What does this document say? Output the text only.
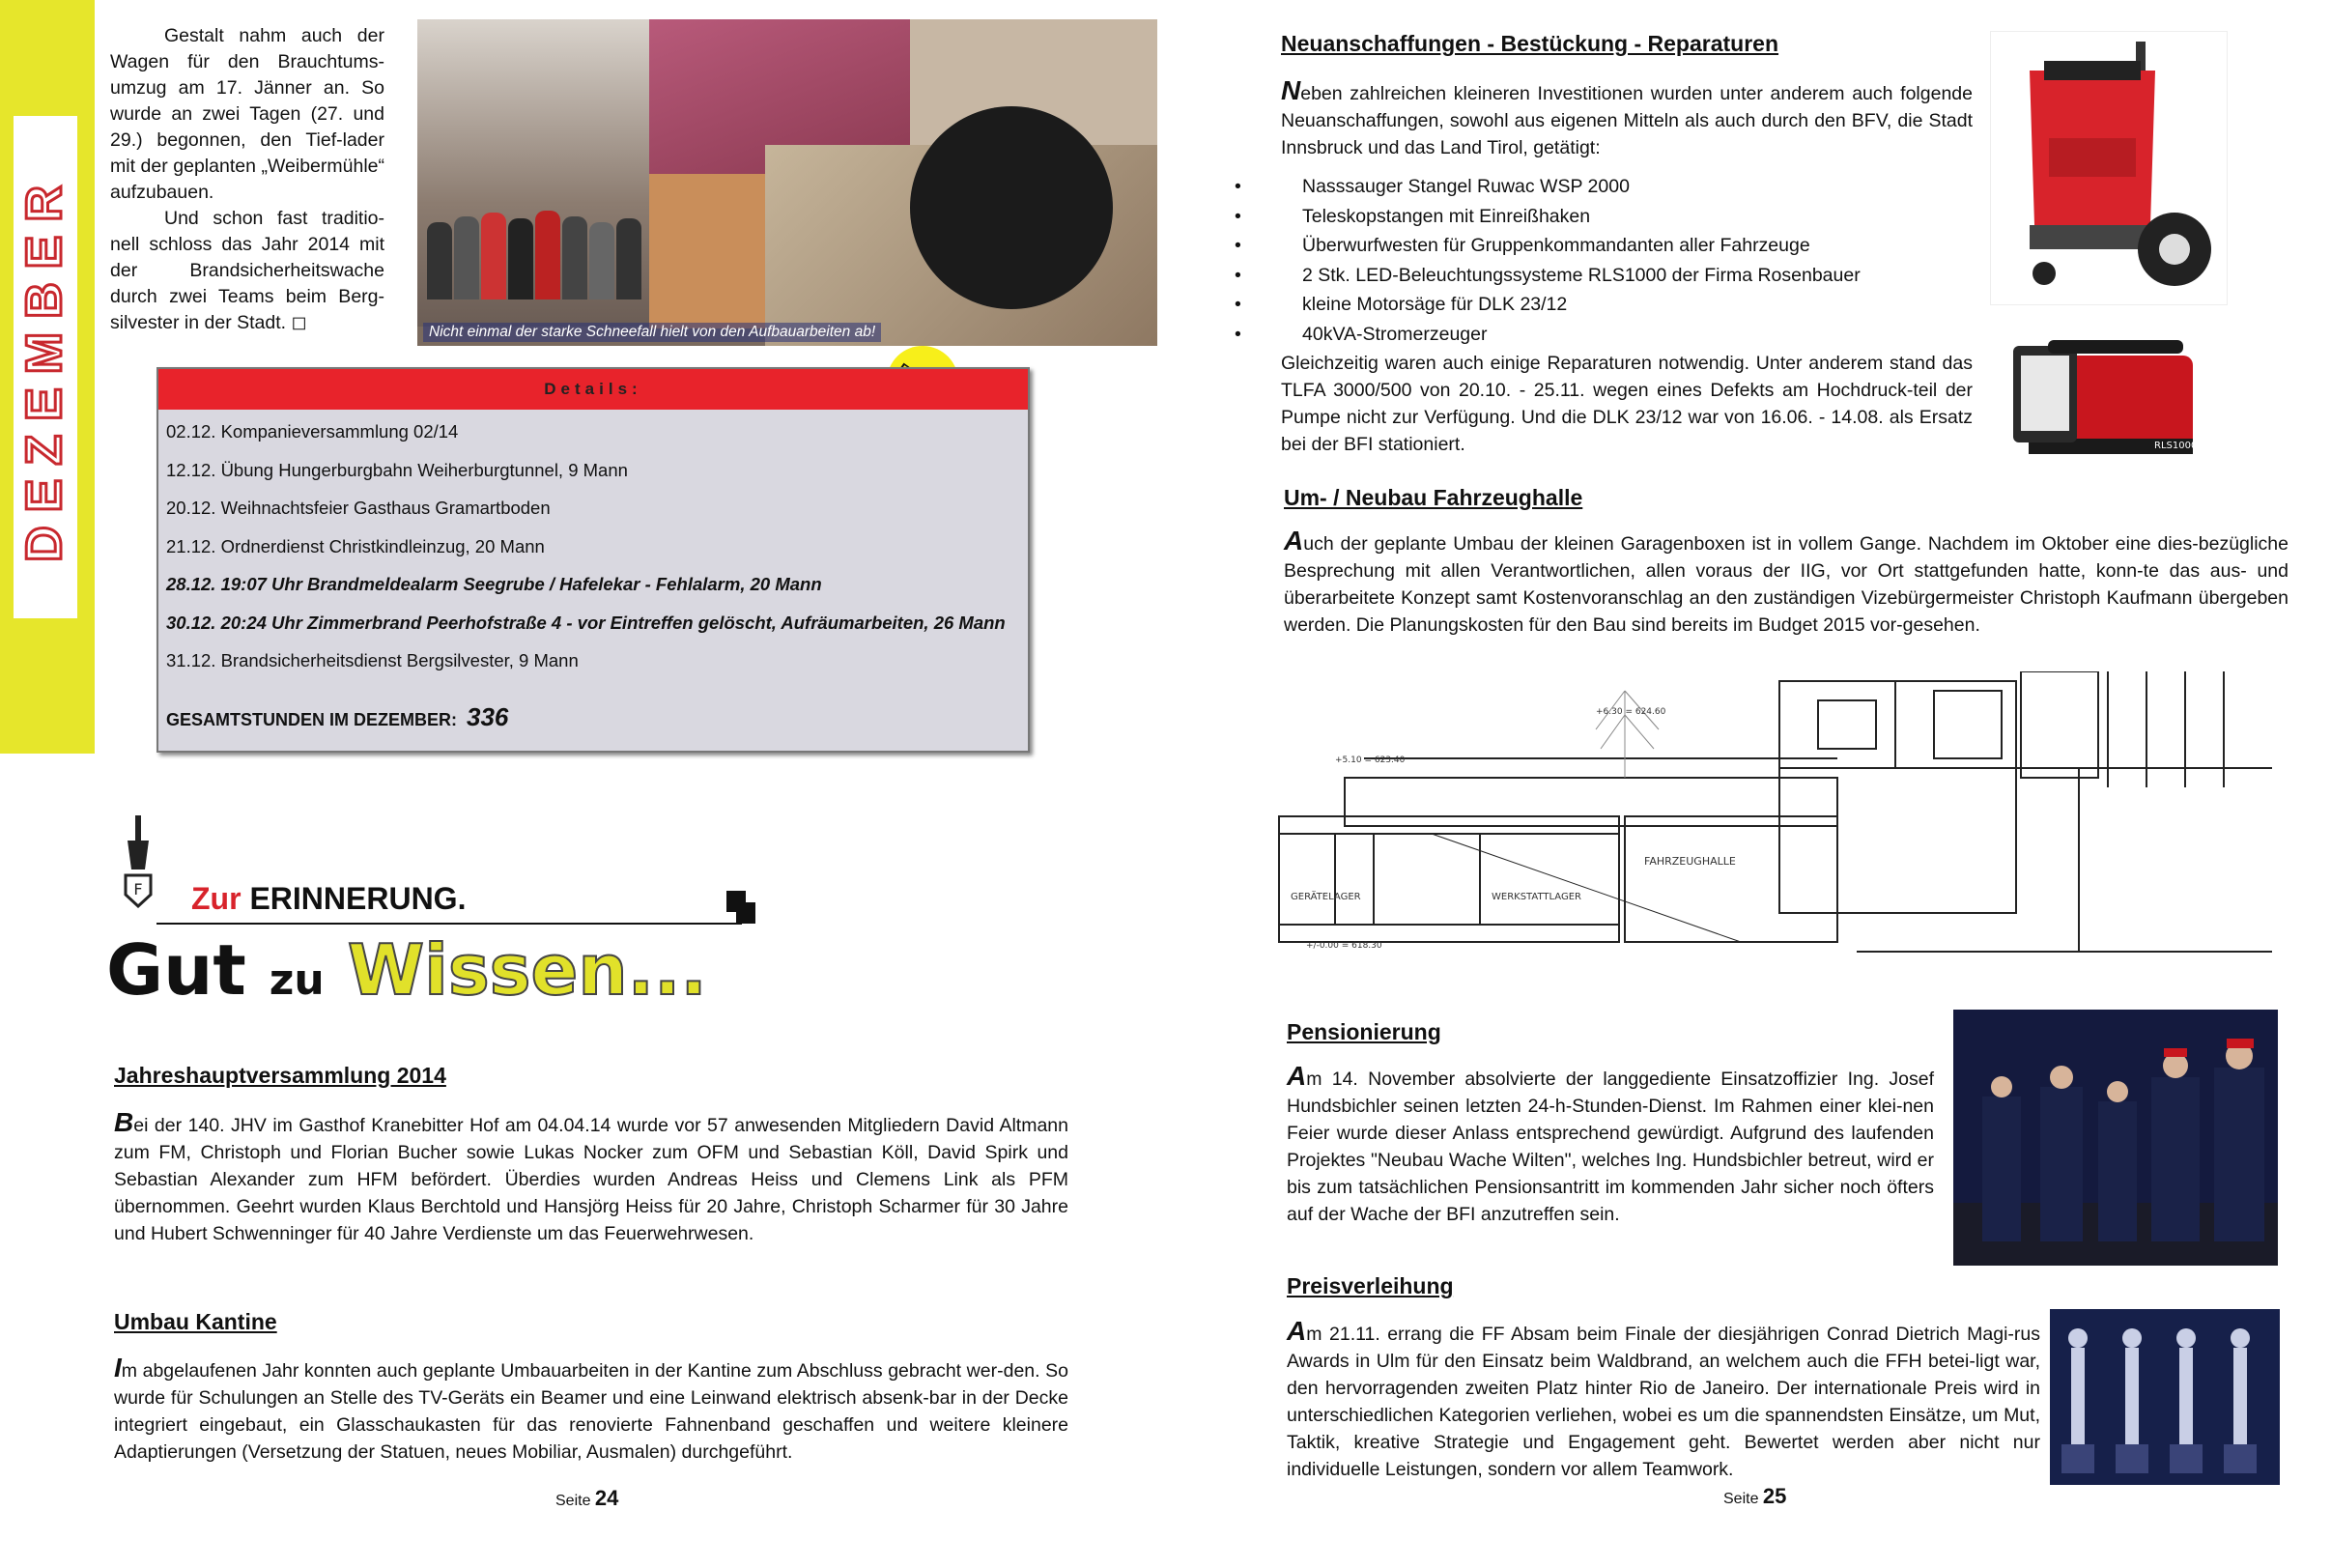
DEZEMBER

Gestalt nahm auch der Wagen für den Brauchtums-umzug am 17. Jänner an. So wurde an zwei Tagen (27. und 29.) begonnen, den Tief-lader mit der geplanten „Weibermühle“ aufzubauen.

Und schon fast traditio-nell schloss das Jahr 2014 mit der Brandsicherheitswache durch zwei Teams beim Berg-silvester in der Stadt. ◻	Nicht einmal der starke Schneefall hielt von den Aufbauarbeiten ab!
Details:
02.12. Kompanieversammlung 02/14
12.12. Übung Hungerburgbahn Weiherburgtunnel, 9 Mann
20.12. Weihnachtsfeier Gasthaus Gramartboden
21.12. Ordnerdienst Christkindleinzug, 20 Mann
28.12. 19:07 Uhr Brandmeldealarm Seegrube / Hafelekar - Fehlalarm, 20 Mann
30.12. 20:24 Uhr Zimmerbrand Peerhofstraße 4 - vor Eintreffen gelöscht, Aufräumarbeiten, 26 Mann
31.12. Brandsicherheitsdienst Bergsilvester, 9 Mann
GESAMTSTUNDEN IM DEZEMBER: 336
F Zur ERINNERUNG.
Gut zu Wissen...
Jahreshauptversammlung 2014
Bei der 140. JHV im Gasthof Kranebitter Hof am 04.04.14 wurde vor 57 anwesenden Mitgliedern David Altmann zum FM, Christoph und Florian Bucher sowie Lukas Nocker zum OFM und Sebastian Köll, David Spirk und Sebastian Alexander zum HFM befördert. Überdies wurden Andreas Heiss und Clemens Link als PFM übernommen. Geehrt wurden Klaus Berchtold und Hansjörg Heiss für 20 Jahre, Christoph Scharmer für 30 Jahre und Hubert Schwenninger für 40 Jahre Verdienste um das Feuerwehrwesen.
Umbau Kantine
Im abgelaufenen Jahr konnten auch geplante Umbauarbeiten in der Kantine zum Abschluss gebracht wer-den. So wurde für Schulungen an Stelle des TV-Geräts ein Beamer und eine Leinwand elektrisch absenk-bar in der Decke integriert eingebaut, ein Glasschaukasten für das renovierte Fahnenband geschaffen und weitere kleinere Adaptierungen (Versetzung der Statuen, neues Mobiliar, Ausmalen) durchgeführt.
Seite 24
Neuanschaffungen - Bestückung - Reparaturen
Neben zahlreichen kleineren Investitionen wurden unter anderem auch folgende Neuanschaffungen, sowohl aus eigenen Mitteln als auch durch den BFV, die Stadt Innsbruck und das Land Tirol, getätigt:
• Nasssauger Stangel Ruwac WSP 2000
• Teleskopstangen mit Einreißhaken
• Überwurfwesten für Gruppenkommandanten aller Fahrzeuge
• 2 Stk. LED-Beleuchtungssysteme RLS1000 der Firma Rosenbauer
• kleine Motorsäge für DLK 23/12
• 40kVA-Stromerzeuger
Gleichzeitig waren auch einige Reparaturen notwendig. Unter anderem stand das TLFA 3000/500 von 20.10. - 25.11. wegen eines Defekts am Hochdruck-teil der Pumpe nicht zur Verfügung. Und die DLK 23/12 war von 16.06. - 14.08. als Ersatz bei der BFI stationiert.	RLS1000
Um- / Neubau Fahrzeughalle
Auch der geplante Umbau der kleinen Garagenboxen ist in vollem Gange. Nachdem im Oktober eine dies-bezügliche Besprechung mit allen Verantwortlichen, allen voraus der IIG, vor Ort stattgefunden hatte, konn-te das aus- und überarbeitete Konzept samt Kostenvoranschlag an den zuständigen Vizebürgermeister Christoph Kaufmann übergeben werden. Die Planungskosten für den Bau sind bereits im Budget 2015 vor-gesehen.
FAHRZEUGHALLE
GERÄTELAGER	WERKSTATTLAGER
+5.10 = 623.40
+6.30 = 624.60
+/-0.00 = 618.30
Pensionierung
Am 14. November absolvierte der langgediente Einsatzoffizier Ing. Josef Hundsbichler seinen letzten 24-h-Stunden-Dienst. Im Rahmen einer klei-nen Feier wurde dieser Anlass entsprechend gewürdigt. Aufgrund des laufenden Projektes "Neubau Wache Wilten", welches Ing. Hundsbichler betreut, wird er bis zum tatsächlichen Pensionsantritt im kommenden Jahr sicher noch öfters auf der Wache der BFI anzutreffen sein.
Preisverleihung
Am 21.11. errang die FF Absam beim Finale der diesjährigen Conrad Dietrich Magi-rus Awards in Ulm für den Einsatz beim Waldbrand, an welchem auch die FFH betei-ligt war, den hervorragenden zweiten Platz hinter Rio de Janeiro. Der internationale Preis wird in unterschiedlichen Kategorien verliehen, wobei es um die spannendsten Einsätze, um Mut, Taktik, kreative Strategie und Engagement geht. Bewertet werden aber nicht nur individuelle Leistungen, sondern vor allem Teamwork.
Seite 25
